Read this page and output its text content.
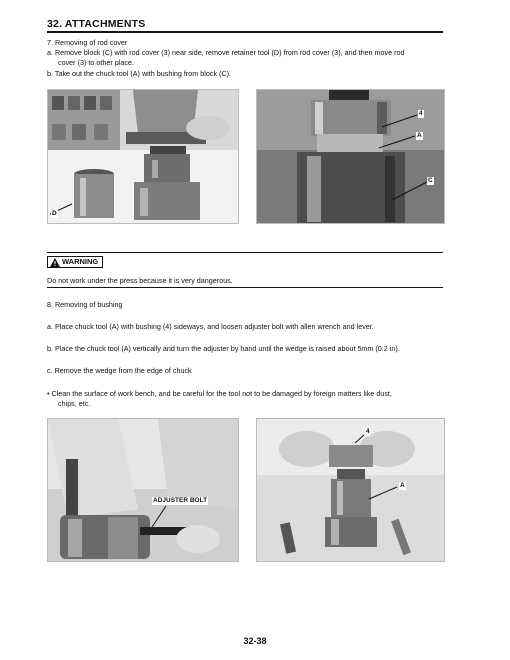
32. ATTACHMENTS
7. Removing of rod cover
a. Remove block (C) with rod cover (3) near side, remove retainer tool (D) from rod cover (3), and then move rod
cover (3) to other place.
b. Take out the chuck tool (A) with bushing from block (C).
D
4
A
C
WARNING
Do not work under the press because it is very dangerous.
8. Removing of bushing
a. Place chuck tool (A) with bushing (4) sideways, and loosen adjuster bolt with allen wrench and lever.
b. Place the chuck tool (A) vertically and turn the adjuster by hand until the wedge is raised about 5mm (0.2 in).
c. Remove the wedge from the edge of chuck
• Clean the surface of work bench, and be careful for the tool not to be damaged by foreign matters like dust,
chips, etc.
ADJUSTER BOLT
4
A
32-38
